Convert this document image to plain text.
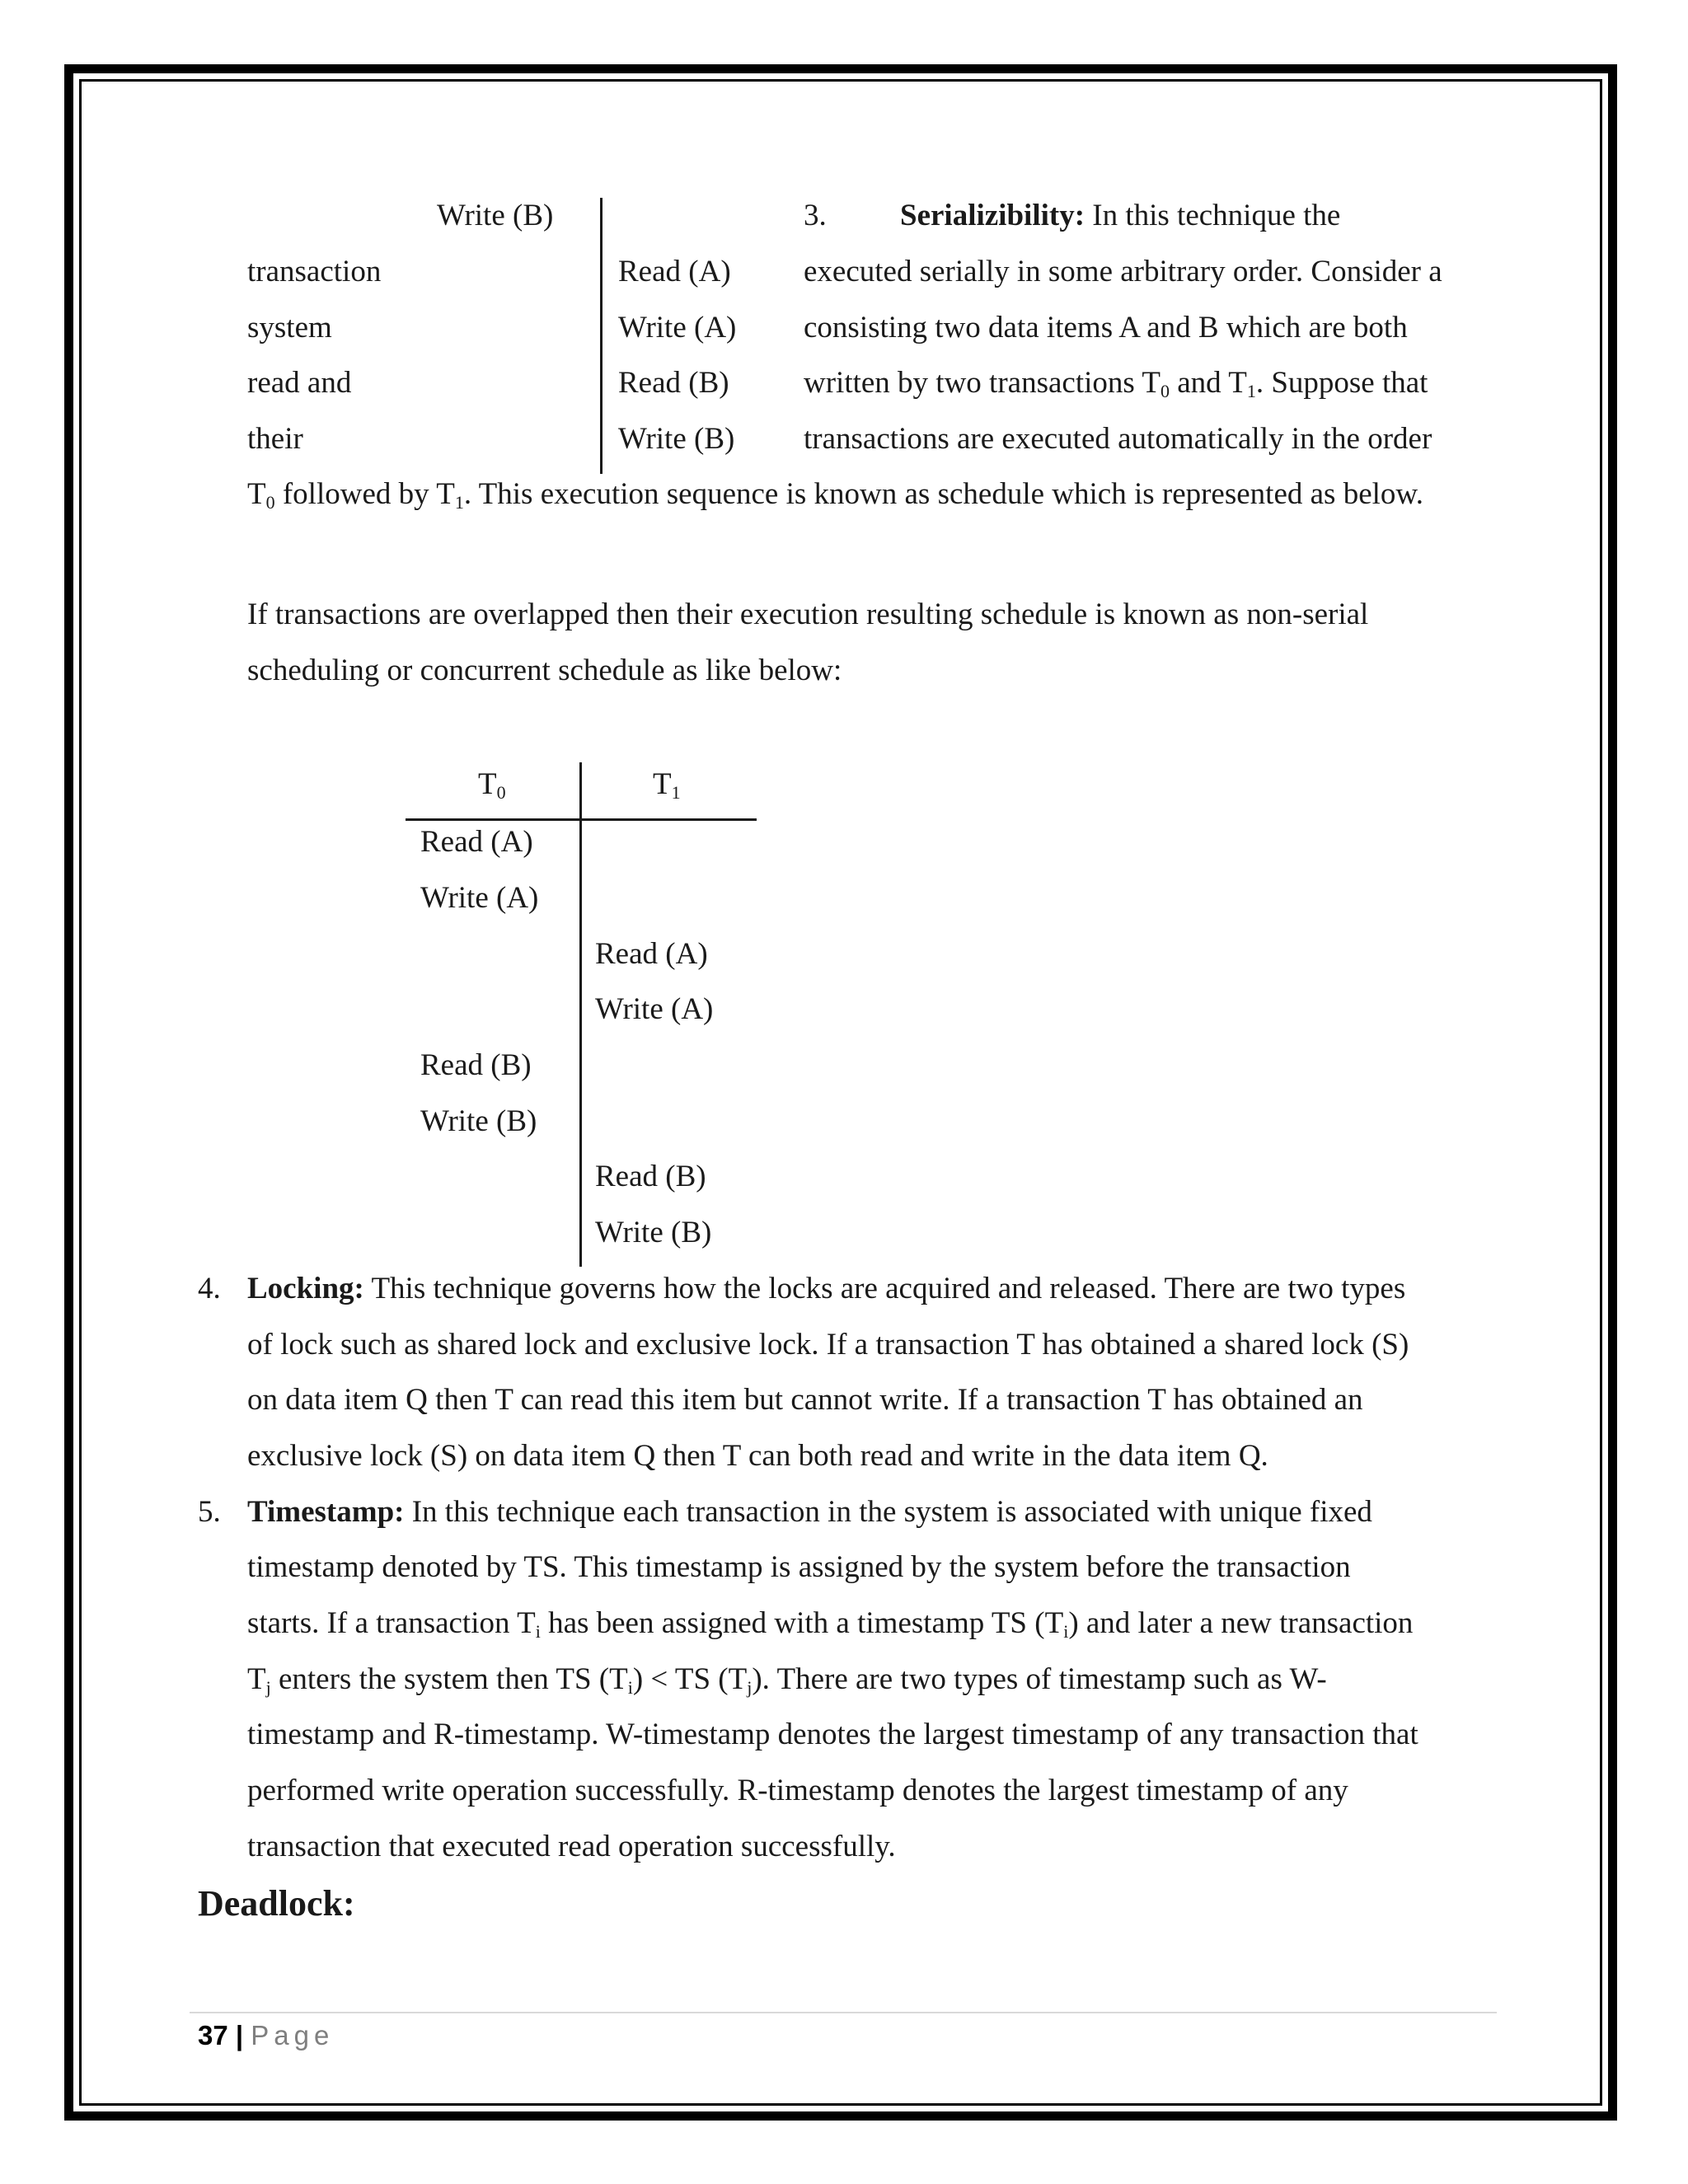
Write (B)
transaction
system
read and
their
Read (A)
Write (A)
Read (B)
Write (B)
3. Serializibility: In this technique the
executed serially in some arbitrary order. Consider a
consisting two data items A and B which are both
written by two transactions $T_0$ and $T_1$. Suppose that
transactions are executed automatically in the order
$T_0$ followed by $T_1$. This execution sequence is known as schedule which is represented as below.
If transactions are overlapped then their execution resulting schedule is known as non-serial
scheduling or concurrent schedule as like below:
$T_0$	$T_1$
Read (A)
Write (A)
Read (A)
Write (A)
Read (B)
Write (B)
Read (B)
Write (B)
4. Locking: This technique governs how the locks are acquired and released. There are two types
of lock such as shared lock and exclusive lock. If a transaction T has obtained a shared lock (S)
on data item Q then T can read this item but cannot write. If a transaction T has obtained an
exclusive lock (S) on data item Q then T can both read and write in the data item Q.
5. Timestamp: In this technique each transaction in the system is associated with unique fixed
timestamp denoted by TS. This timestamp is assigned by the system before the transaction
starts. If a transaction $T_i$ has been assigned with a timestamp TS $(T_i)$ and later a new transaction
$T_j$ enters the system then TS $(T_i)$ < TS $(T_j)$. There are two types of timestamp such as W-
timestamp and R-timestamp. W-timestamp denotes the largest timestamp of any transaction that
performed write operation successfully. R-timestamp denotes the largest timestamp of any
transaction that executed read operation successfully.
Deadlock:
37 | Page
